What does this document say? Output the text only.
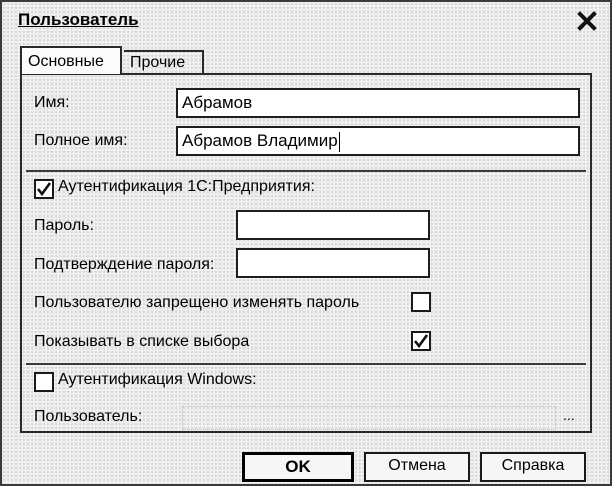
Пользователь
Основные	Прочие
Имя:	Абрамов
Полное имя:	Абрамов Владимир
Аутентификация 1С:Предприятия:
Пароль:
Подтверждение пароля:
Пользователю запрещено изменять пароль
Показывать в списке выбора
Аутентификация Windows:
Пользователь:	...
OK	Отмена	Справка
